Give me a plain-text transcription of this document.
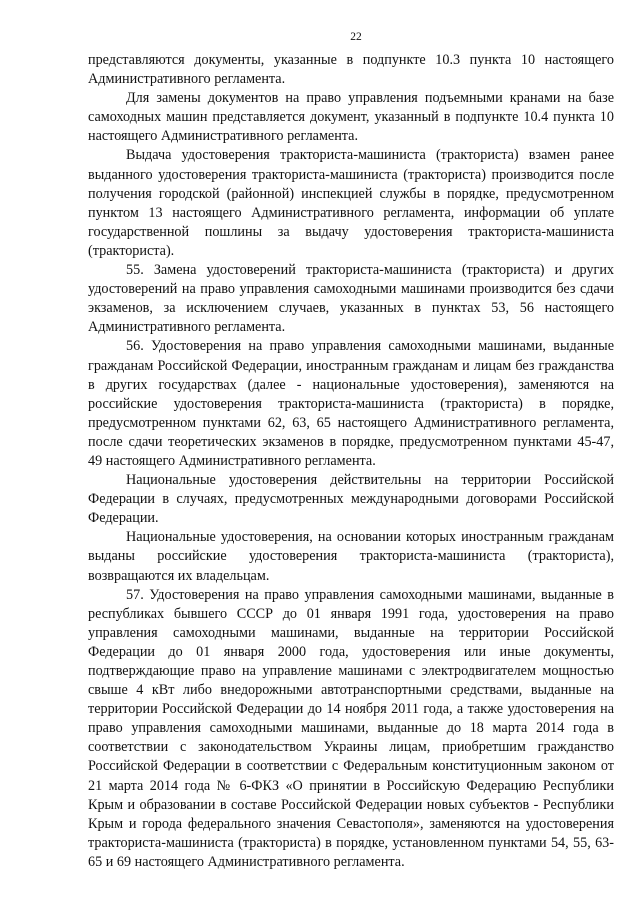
22

представляются документы, указанные в подпункте 10.3 пункта 10 настоящего Административного регламента.

Для замены документов на право управления подъемными кранами на базе самоходных машин представляется документ, указанный в подпункте 10.4 пункта 10 настоящего Административного регламента.

Выдача удостоверения тракториста-машиниста (тракториста) взамен ранее выданного удостоверения тракториста-машиниста (тракториста) производится после получения городской (районной) инспекцией службы в порядке, предусмотренном пунктом 13 настоящего Административного регламента, информации об уплате государственной пошлины за выдачу удостоверения тракториста-машиниста (тракториста).

55. Замена удостоверений тракториста-машиниста (тракториста) и других удостоверений на право управления самоходными машинами производится без сдачи экзаменов, за исключением случаев, указанных в пунктах 53, 56 настоящего Административного регламента.

56. Удостоверения на право управления самоходными машинами, выданные гражданам Российской Федерации, иностранным гражданам и лицам без гражданства в других государствах (далее - национальные удостоверения), заменяются на российские удостоверения тракториста-машиниста (тракториста) в порядке, предусмотренном пунктами 62, 63, 65 настоящего Административного регламента, после сдачи теоретических экзаменов в порядке, предусмотренном пунктами 45-47, 49 настоящего Административного регламента.

Национальные удостоверения действительны на территории Российской Федерации в случаях, предусмотренных международными договорами Российской Федерации.

Национальные удостоверения, на основании которых иностранным гражданам выданы российские удостоверения тракториста-машиниста (тракториста), возвращаются их владельцам.

57. Удостоверения на право управления самоходными машинами, выданные в республиках бывшего СССР до 01 января 1991 года, удостоверения на право управления самоходными машинами, выданные на территории Российской Федерации до 01 января 2000 года, удостоверения или иные документы, подтверждающие право на управление машинами с электродвигателем мощностью свыше 4 кВт либо внедорожными автотранспортными средствами, выданные на территории Российской Федерации до 14 ноября 2011 года, а также удостоверения на право управления самоходными машинами, выданные до 18 марта 2014 года в соответствии с законодательством Украины лицам, приобретшим гражданство Российской Федерации в соответствии с Федеральным конституционным законом от 21 марта 2014 года № 6-ФКЗ «О принятии в Российскую Федерацию Республики Крым и образовании в составе Российской Федерации новых субъектов - Республики Крым и города федерального значения Севастополя», заменяются на удостоверения тракториста-машиниста (тракториста) в порядке, установленном пунктами 54, 55, 63-65 и 69 настоящего Административного регламента.
